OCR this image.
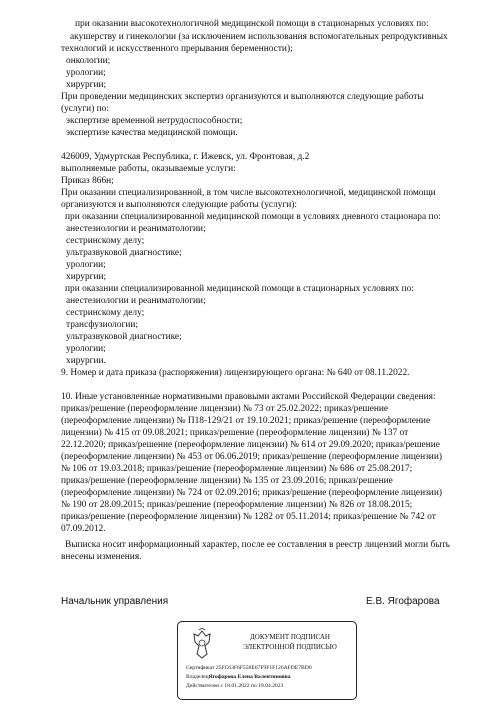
при оказании высокотехнологичной медицинской помощи в стационарных условиях по:
акушерству и гинекологии (за исключением использования вспомогательных репродуктивных
технологий и искусственного прерывания беременности);
онкологии;
урологии;
хирургии;
При проведении медицинских экспертиз организуются и выполняются следующие работы
(услуги) по:
экспертизе временной нетрудоспособности;
экспертизе качества медицинской помощи.
426009, Удмуртская Республика, г. Ижевск, ул. Фронтовая, д.2
выполняемые работы, оказываемые услуги:
Приказ 866н;
При оказании специализированной, в том числе высокотехнологичной, медицинской помощи
организуются и выполняются следующие работы (услуги):
при оказании специализированной медицинской помощи в условиях дневного стационара по:
анестезиологии и реаниматологии;
сестринскому делу;
ультразвуковой диагностике;
урологии;
хирургии;
при оказании специализированной медицинской помощи в стационарных условиях по:
анестезиологии и реаниматологии;
сестринскому делу;
трансфузиологии;
ультразвуковой диагностике;
урологии;
хирургии.
9. Номер и дата приказа (распоряжения) лицензирующего органа: № 640 от 08.11.2022.
10. Иные установленные нормативными правовыми актами Российской Федерации сведения:
приказ/решение (переоформление лицензии) № 73 от 25.02.2022; приказ/решение
(переоформление лицензии) № П18-129/21 от 19.10.2021; приказ/решение (переоформление
лицензии) № 415 от 09.08.2021; приказ/решение (переоформление лицензии) № 137 от
22.12.2020; приказ/решение (переоформление лицензии) № 614 от 29.09.2020; приказ/решение
(переоформление лицензии) № 453 от 06.06.2019; приказ/решение (переоформление лицензии)
№ 106 от 19.03.2018; приказ/решение (переоформление лицензии) № 686 от 25.08.2017;
приказ/решение (переоформление лицензии) № 135 от 23.09.2016; приказ/решение
(переоформление лицензии) № 724 от 02.09.2016; приказ/решение (переоформление лицензии)
№ 190 от 28.09.2015; приказ/решение (переоформление лицензии) № 826 от 18.08.2015;
приказ/решение (переоформление лицензии) № 1282 от 05.11.2014; приказ/решение № 742 от
07.09.2012.
Выписка носит информационный характер, после ее составления в реестр лицензий могли быть
внесены изменения.
Начальник управления	Е.В. Ягофарова
ДОКУМЕНТ ПОДПИСАН
ЭЛЕКТРОННОЙ ПОДПИСЬЮ
Сертификат 25FC63F6F558E67F9F1F126AFDE7BD0
ВладелецЯгофарова Елена Валентиновна
Действителен с 18.01.2022 по 18.04.2023
